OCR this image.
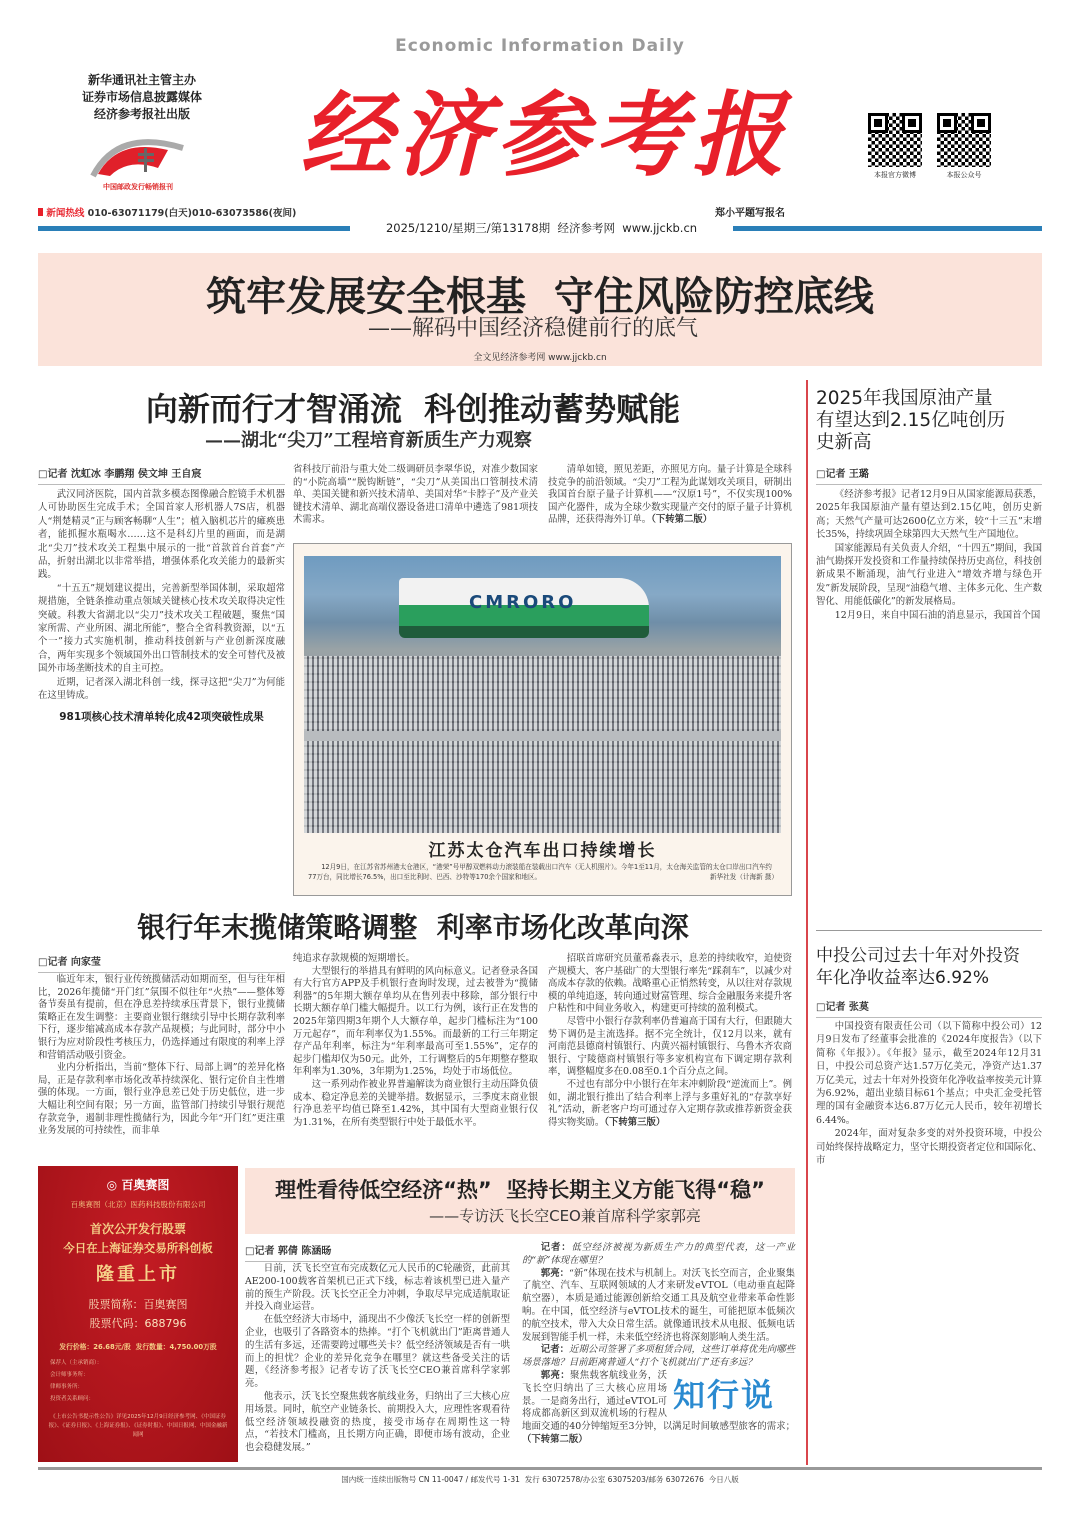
Economic Information Daily
新华通讯社主管主办
证券市场信息披露媒体
经济参考报社出版
中国邮政发行畅销报刊 经济参考报
新闻热线 010-63071179(白天)010-63073586(夜间)
本报官方微博	本报公众号
郑小平题写报名
2025/1210/星期三/第13178期  经济参考网  www.jjckb.cn
筑牢发展安全根基  守住风险防控底线
——解码中国经济稳健前行的底气
全文见经济参考网 www.jjckb.cn
向新而行才智涌流  科创推动蓄势赋能
——湖北“尖刀”工程培育新质生产力观察
□记者 沈虹冰 李鹏翔 侯文坤 王自宸

武汉同济医院，国内首款多模态图像融合腔镜手术机器人可协助医生完成手术；全国首家人形机器人7S店，机器人“荆楚精灵”正与顾客畅聊“人生”；植入脑机芯片的瘫痪患者，能抓握水瓶喝水……这不是科幻片里的画面，而是湖北“尖刀”技术攻关工程集中展示的一批“首款首台首套”产品，折射出湖北以非常举措，增强体系化攻关能力的最新实践。

“十五五”规划建议提出，完善新型举国体制，采取超常规措施，全链条推动重点领域关键核心技术攻关取得决定性突破。科教大省湖北以“尖刀”技术攻关工程破题，聚焦“国家所需、产业所困、湖北所能”，整合全省科教资源，以“五个一”接力式实施机制，推动科技创新与产业创新深度融合，两年实现多个领域国外出口管制技术的安全可替代及被国外市场垄断技术的自主可控。

近期，记者深入湖北科创一线，探寻这把“尖刀”为何能在这里铸成。

981项核心技术清单转化成42项突破性成果

省科技厅前沿与重大处二级调研员李翠华说，对准少数国家的“小院高墙”“脱钩断链”，“尖刀”从美国出口管制技术清单、美国关键和新兴技术清单、美国对华“卡脖子”及产业关键技术清单、湖北高端仪器设备进口清单中遴选了981项技术需求。

清单如镜，照见差距，亦照见方向。量子计算是全球科技竞争的前沿领域。“尖刀”工程为此谋划攻关项目，研制出我国首台原子量子计算机——“汉原1号”，不仅实现100%国产化器件，成为全球少数实现量产交付的原子量子计算机品牌，还获得海外订单。（下转第二版）

CMRORO
江苏太仓汽车出口持续增长
12月9日，在江苏省苏州港太仓港区，“港荣”号甲醇双燃料动力滚装船在装载出口汽车（无人机照片）。今年1至11月，太仓海关监管的太仓口岸出口汽车约77万台，同比增长76.5%，出口至比利时、巴西、沙特等170余个国家和地区。	新华社发（计海新 摄）
银行年末揽储策略调整  利率市场化改革向深
□记者 向家莹

临近年末，银行业传统揽储活动如期而至，但与往年相比，2026年揽储“开门红”氛围不似往年“火热”——整体筹备节奏虽有提前，但在净息差持续承压背景下，银行业揽储策略正在发生调整：主要商业银行继续引导中长期存款利率下行，逐步缩减高成本存款产品规模；与此同时，部分中小银行为应对阶段性考核压力，仍选择通过有限度的利率上浮和营销活动吸引资金。

业内分析指出，当前“整体下行、局部上调”的差异化格局，正是存款利率市场化改革持续深化、银行定价自主性增强的体现。一方面，银行业净息差已处于历史低位，进一步大幅让利空间有限；另一方面，监管部门持续引导银行规范存款竞争，遏制非理性揽储行为，因此今年“开门红”更注重业务发展的可持续性，而非单

纯追求存款规模的短期增长。

大型银行的举措具有鲜明的风向标意义。记者登录各国有大行官方APP及手机银行查询时发现，过去被誉为“揽储利器”的5年期大额存单均从在售列表中移除，部分银行中长期大额存单门槛大幅提升。以工行为例，该行正在发售的2025年第四期3年期个人大额存单，起步门槛标注为“100万元起存”，而年利率仅为1.55%。而最新的工行三年期定存产品年利率，标注为“年利率最高可至1.55%”，定存的起步门槛却仅为50元。此外，工行调整后的5年期整存整取年利率为1.30%，3年期为1.25%，均处于市场低位。

这一系列动作被业界普遍解读为商业银行主动压降负债成本、稳定净息差的关键举措。数据显示，三季度末商业银行净息差平均值已降至1.42%，其中国有大型商业银行仅为1.31%，在所有类型银行中处于最低水平。

招联首席研究员董希淼表示，息差的持续收窄，迫使资产规模大、客户基础广的大型银行率先“踩刹车”，以减少对高成本存款的依赖。战略重心正悄然转变，从以往对存款规模的单纯追逐，转向通过财富管理、综合金融服务来提升客户粘性和中间业务收入，构建更可持续的盈利模式。

尽管中小银行存款利率仍普遍高于国有大行，但跟随大势下调仍是主流选择。据不完全统计，仅12月以来，就有河南范县德商村镇银行、内黄兴福村镇银行、乌鲁木齐农商银行、宁陵德商村镇银行等多家机构宣布下调定期存款利率，调整幅度多在0.08至0.1个百分点之间。

不过也有部分中小银行在年末冲刺阶段“逆流而上”。例如，湖北银行推出了结合利率上浮与多重好礼的“存款享好礼”活动，新老客户均可通过存入定期存款或推荐新资金获得实物奖励。（下转第三版）

2025年我国原油产量有望达到2.15亿吨创历史新高
□记者 王璐

《经济参考报》记者12月9日从国家能源局获悉，2025年我国原油产量有望达到2.15亿吨，创历史新高；天然气产量可达2600亿立方米，较“十三五”末增长35%，持续巩固全球第四大天然气生产国地位。

国家能源局有关负责人介绍，“十四五”期间，我国油气勘探开发投资和工作量持续保持历史高位，科技创新成果不断涌现，油气行业进入“增效齐增与绿色开发”新发展阶段，呈现“油稳气增、主体多元化、生产数智化、用能低碳化”的新发展格局。

12月9日，来自中国石油的消息显示，我国首个国

中投公司过去十年对外投资年化净收益率达6.92%
□记者 张莫

中国投资有限责任公司（以下简称中投公司）12月9日发布了经董事会批准的《2024年度报告》（以下简称《年报》）。《年报》显示，截至2024年12月31日，中投公司总资产达1.57万亿美元，净资产达1.37万亿美元，过去十年对外投资年化净收益率按美元计算为6.92%，超出业绩目标61个基点；中央汇金受托管理的国有金融资本达6.87万亿元人民币，较年初增长6.44%。

2024年，面对复杂多变的对外投资环境，中投公司始终保持战略定力，坚守长期投资者定位和国际化、市

◎ 百奥赛图
百奥赛图（北京）医药科技股份有限公司
首次公开发行股票
今日在上海证券交易所科创板
隆重上市
股票简称：百奥赛图
股票代码：688796
发行价格：26.68元/股 发行数量：4,750.00万股
保荐人（主承销商）：
会计师事务所：
律师事务所：
投资者关系顾问：
《上市公告书提示性公告》详见2025年12月9日经济参考网、《中国证券报》、《证券日报》、《上海证券报》、《证券时报》、中国日报网、中国金融新闻网
理性看待低空经济“热”  坚持长期主义方能飞得“稳”
——专访沃飞长空CEO兼首席科学家郭亮
□记者 郭倩 陈涵旸

日前，沃飞长空宣布完成数亿元人民币的C轮融资，此前其AE200-100载客首架机已正式下线，标志着该机型已进入量产前的预生产阶段。沃飞长空正全力冲刺，争取尽早完成适航取证并投入商业运营。

在低空经济大市场中，涌现出不少像沃飞长空一样的创新型企业，也吸引了各路资本的热捧。“打个飞机就出门”距离普通人的生活有多远，还需要跨过哪些关卡？低空经济领域是否有一哄而上的担忧？企业的差异化竞争在哪里？就这些备受关注的话题，《经济参考报》记者专访了沃飞长空CEO兼首席科学家郭亮。

他表示，沃飞长空聚焦载客航线业务，归纳出了三大核心应用场景。同时，航空产业链条长、前期投入大，应理性客观看待低空经济领域投融资的热度，接受市场存在周期性这一特点，“若技术门槛高，且长期方向正确，即便市场有波动，企业也会稳健发展。”

记者：低空经济被视为新质生产力的典型代表，这一产业的“新”体现在哪里？

郭亮：“新”体现在技术与机制上。对沃飞长空而言，企业聚集了航空、汽车、互联网领域的人才来研发eVTOL（电动垂直起降航空器），本质是通过能源创新给交通工具及航空业带来革命性影响。在中国，低空经济与eVTOL技术的诞生，可能把原本低频次的航空技术，带入大众日常生活。就像通讯技术从电报、低频电话发展到智能手机一样，未来低空经济也将深刻影响人类生活。

记者：近期公司签署了多项租赁合同，这些订单将优先向哪些场景落地？目前距离普通人“打个飞机就出门”还有多远？

知行说

郭亮：聚焦载客航线业务，沃飞长空归纳出了三大核心应用场景。一是商务出行，通过eVTOL可将成都高新区到双流机场的行程从地面交通的40分钟缩短至3分钟，以满足时间敏感型旅客的需求；（下转第二版）

国内统一连续出版物号 CN 11-0047 / 邮发代号 1-31  发行 63072578/办公室 63075203/邮务 63072676  今日八版
